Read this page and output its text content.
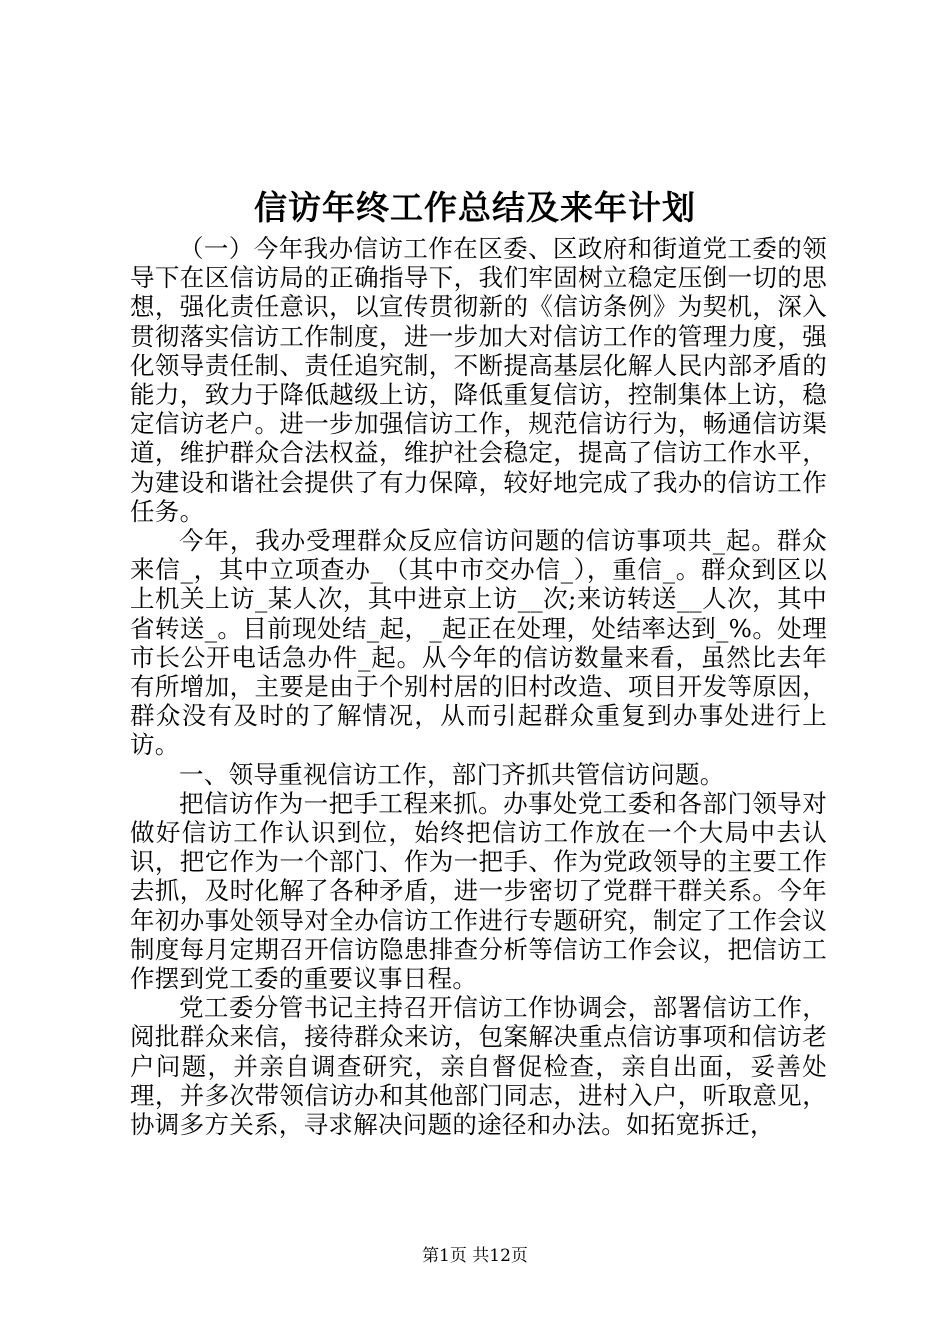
信访年终工作总结及来年计划

（一）今年我办信访工作在区委、区政府和街道党工委的领导下在区信访局的正确指导下，我们牢固树立稳定压倒一切的思想，强化责任意识，以宣传贯彻新的《信访条例》为契机，深入贯彻落实信访工作制度，进一步加大对信访工作的管理力度，强化领导责任制、责任追究制，不断提高基层化解人民内部矛盾的能力，致力于降低越级上访，降低重复信访，控制集体上访，稳定信访老户。进一步加强信访工作，规范信访行为，畅通信访渠道，维护群众合法权益，维护社会稳定，提高了信访工作水平，为建设和谐社会提供了有力保障，较好地完成了我办的信访工作任务。

今年，我办受理群众反应信访问题的信访事项共_起。群众来信_，其中立项查办_（其中市交办信_），重信_。群众到区以上机关上访_某人次，其中进京上访__次;来访转送__人次，其中省转送_。目前现处结_起，_起正在处理，处结率达到_%。处理市长公开电话急办件_起。从今年的信访数量来看，虽然比去年有所增加，主要是由于个别村居的旧村改造、项目开发等原因，群众没有及时的了解情况，从而引起群众重复到办事处进行上访。

一、领导重视信访工作，部门齐抓共管信访问题。

把信访作为一把手工程来抓。办事处党工委和各部门领导对做好信访工作认识到位，始终把信访工作放在一个大局中去认识，把它作为一个部门、作为一把手、作为党政领导的主要工作去抓，及时化解了各种矛盾，进一步密切了党群干群关系。今年年初办事处领导对全办信访工作进行专题研究，制定了工作会议制度每月定期召开信访隐患排查分析等信访工作会议，把信访工作摆到党工委的重要议事日程。

党工委分管书记主持召开信访工作协调会，部署信访工作，阅批群众来信，接待群众来访，包案解决重点信访事项和信访老户问题，并亲自调查研究，亲自督促检查，亲自出面，妥善处理，并多次带领信访办和其他部门同志，进村入户，听取意见，协调多方关系，寻求解决问题的途径和办法。如拓宽拆迁，

第1页 共12页
